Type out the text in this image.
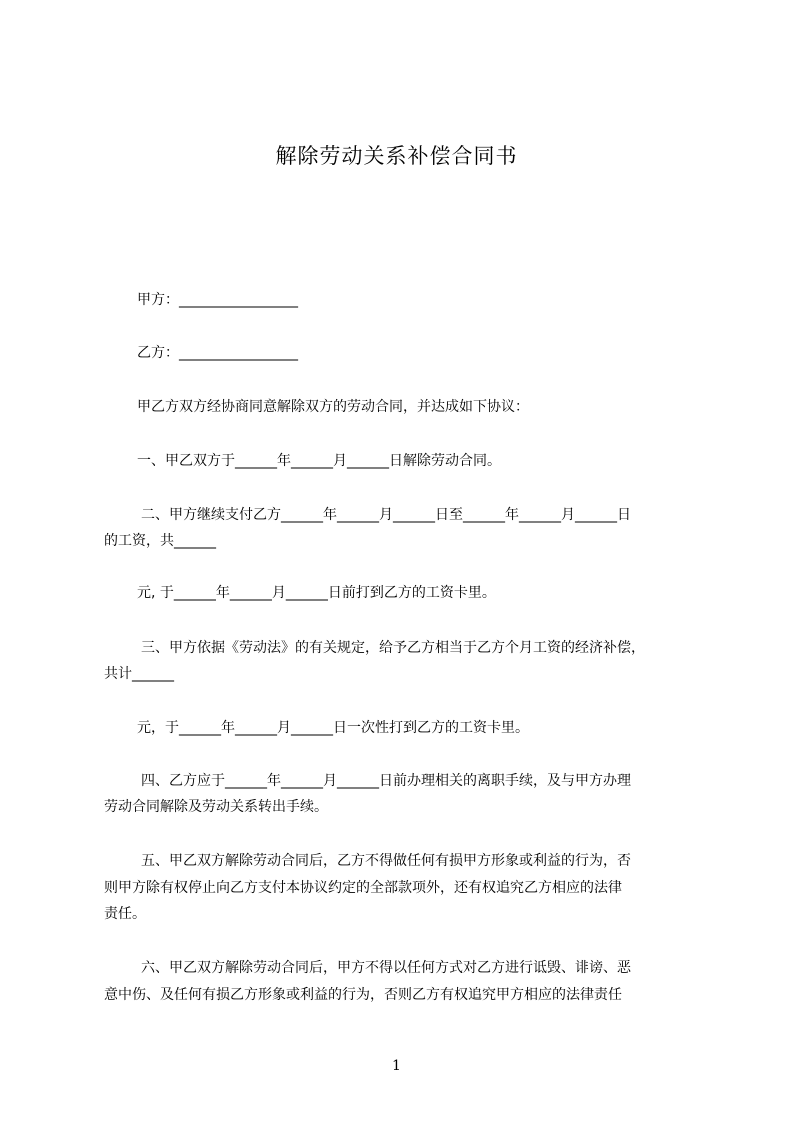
解除劳动关系补偿合同书
甲方：_________________
乙方：_________________
甲乙方双方经协商同意解除双方的劳动合同，并达成如下协议：
一、甲乙双方于______年______月______日解除劳动合同。
二、甲方继续支付乙方______年______月______日至______年______月______日
的工资，共______
元, 于______年______月______日前打到乙方的工资卡里。
三、甲方依据《劳动法》的有关规定，给予乙方相当于乙方个月工资的经济补偿，
共计______
元，于______年______月______日一次性打到乙方的工资卡里。
四、乙方应于______年______月______日前办理相关的离职手续，及与甲方办理
劳动合同解除及劳动关系转出手续。
五、甲乙双方解除劳动合同后，乙方不得做任何有损甲方形象或利益的行为，否
则甲方除有权停止向乙方支付本协议约定的全部款项外，还有权追究乙方相应的法律
责任。
六、甲乙双方解除劳动合同后，甲方不得以任何方式对乙方进行诋毁、诽谤、恶
意中伤、及任何有损乙方形象或利益的行为，否则乙方有权追究甲方相应的法律责任
1
